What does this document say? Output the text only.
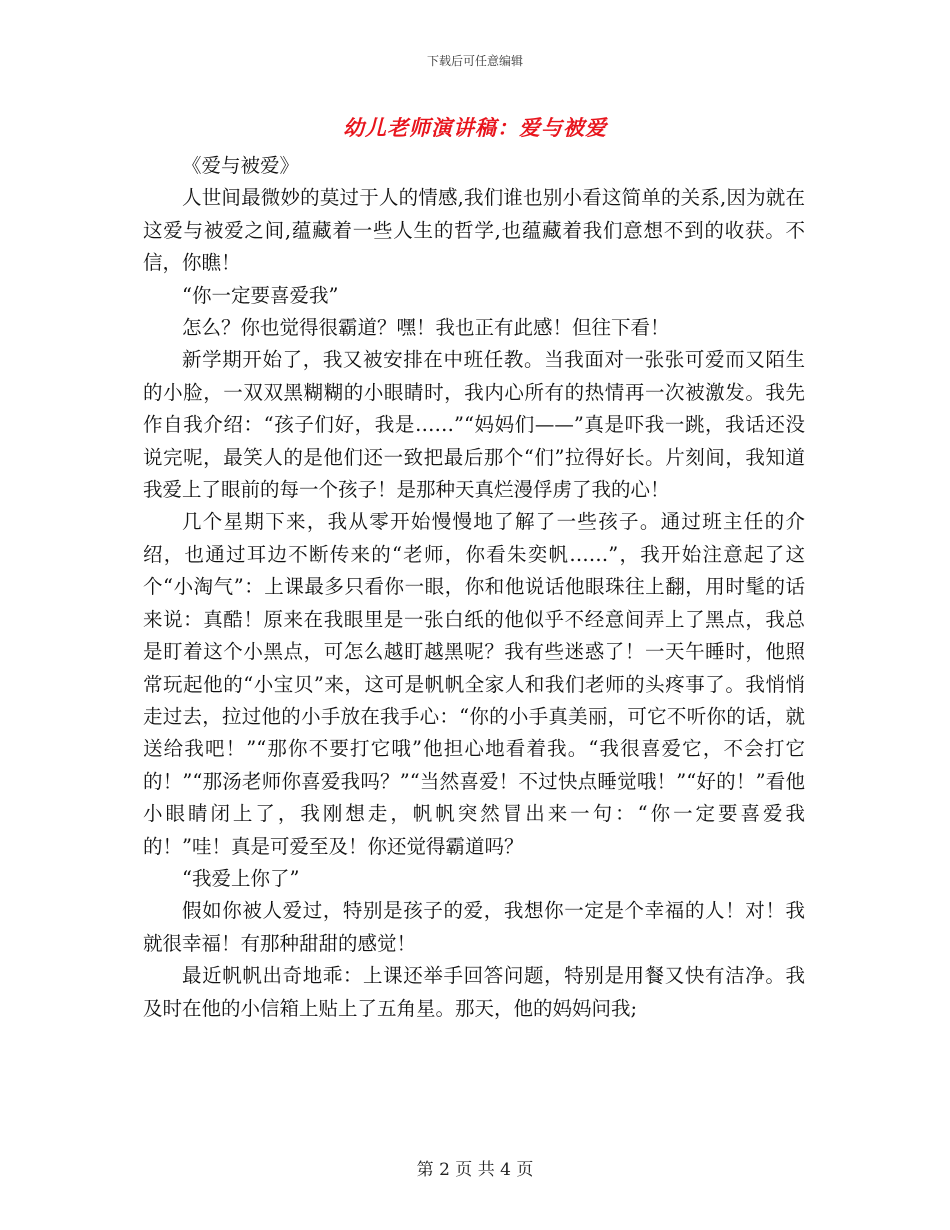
下载后可任意编辑
幼儿老师演讲稿：爱与被爱

《爱与被爱》

人世间最微妙的莫过于人的情感,我们谁也别小看这简单的关系,因为就在这爱与被爱之间,蕴藏着一些人生的哲学,也蕴藏着我们意想不到的收获。不信，你瞧！

“你一定要喜爱我”

怎么？你也觉得很霸道？嘿！我也正有此感！但往下看！

新学期开始了，我又被安排在中班任教。当我面对一张张可爱而又陌生的小脸，一双双黑糊糊的小眼睛时，我内心所有的热情再一次被激发。我先作自我介绍：“孩子们好，我是……”“妈妈们——”真是吓我一跳，我话还没说完呢，最笑人的是他们还一致把最后那个“们”拉得好长。片刻间，我知道我爱上了眼前的每一个孩子！是那种天真烂漫俘虏了我的心！

几个星期下来，我从零开始慢慢地了解了一些孩子。通过班主任的介绍，也通过耳边不断传来的“老师，你看朱奕帆……”，我开始注意起了这个“小淘气”：上课最多只看你一眼，你和他说话他眼珠往上翻，用时髦的话来说：真酷！原来在我眼里是一张白纸的他似乎不经意间弄上了黑点，我总是盯着这个小黑点，可怎么越盯越黑呢？我有些迷惑了！一天午睡时，他照常玩起他的“小宝贝”来，这可是帆帆全家人和我们老师的头疼事了。我悄悄走过去，拉过他的小手放在我手心：“你的小手真美丽，可它不听你的话，就送给我吧！”“那你不要打它哦”他担心地看着我。“我很喜爱它，不会打它的！”“那汤老师你喜爱我吗？”“当然喜爱！不过快点睡觉哦！”“好的！”看他小眼睛闭上了，我刚想走，帆帆突然冒出来一句：“你一定要喜爱我的！”哇！真是可爱至及！你还觉得霸道吗？

“我爱上你了”

假如你被人爱过，特别是孩子的爱，我想你一定是个幸福的人！对！我就很幸福！有那种甜甜的感觉！

最近帆帆出奇地乖：上课还举手回答问题，特别是用餐又快有洁净。我及时在他的小信箱上贴上了五角星。那天，他的妈妈问我;

第 2 页 共 4 页
